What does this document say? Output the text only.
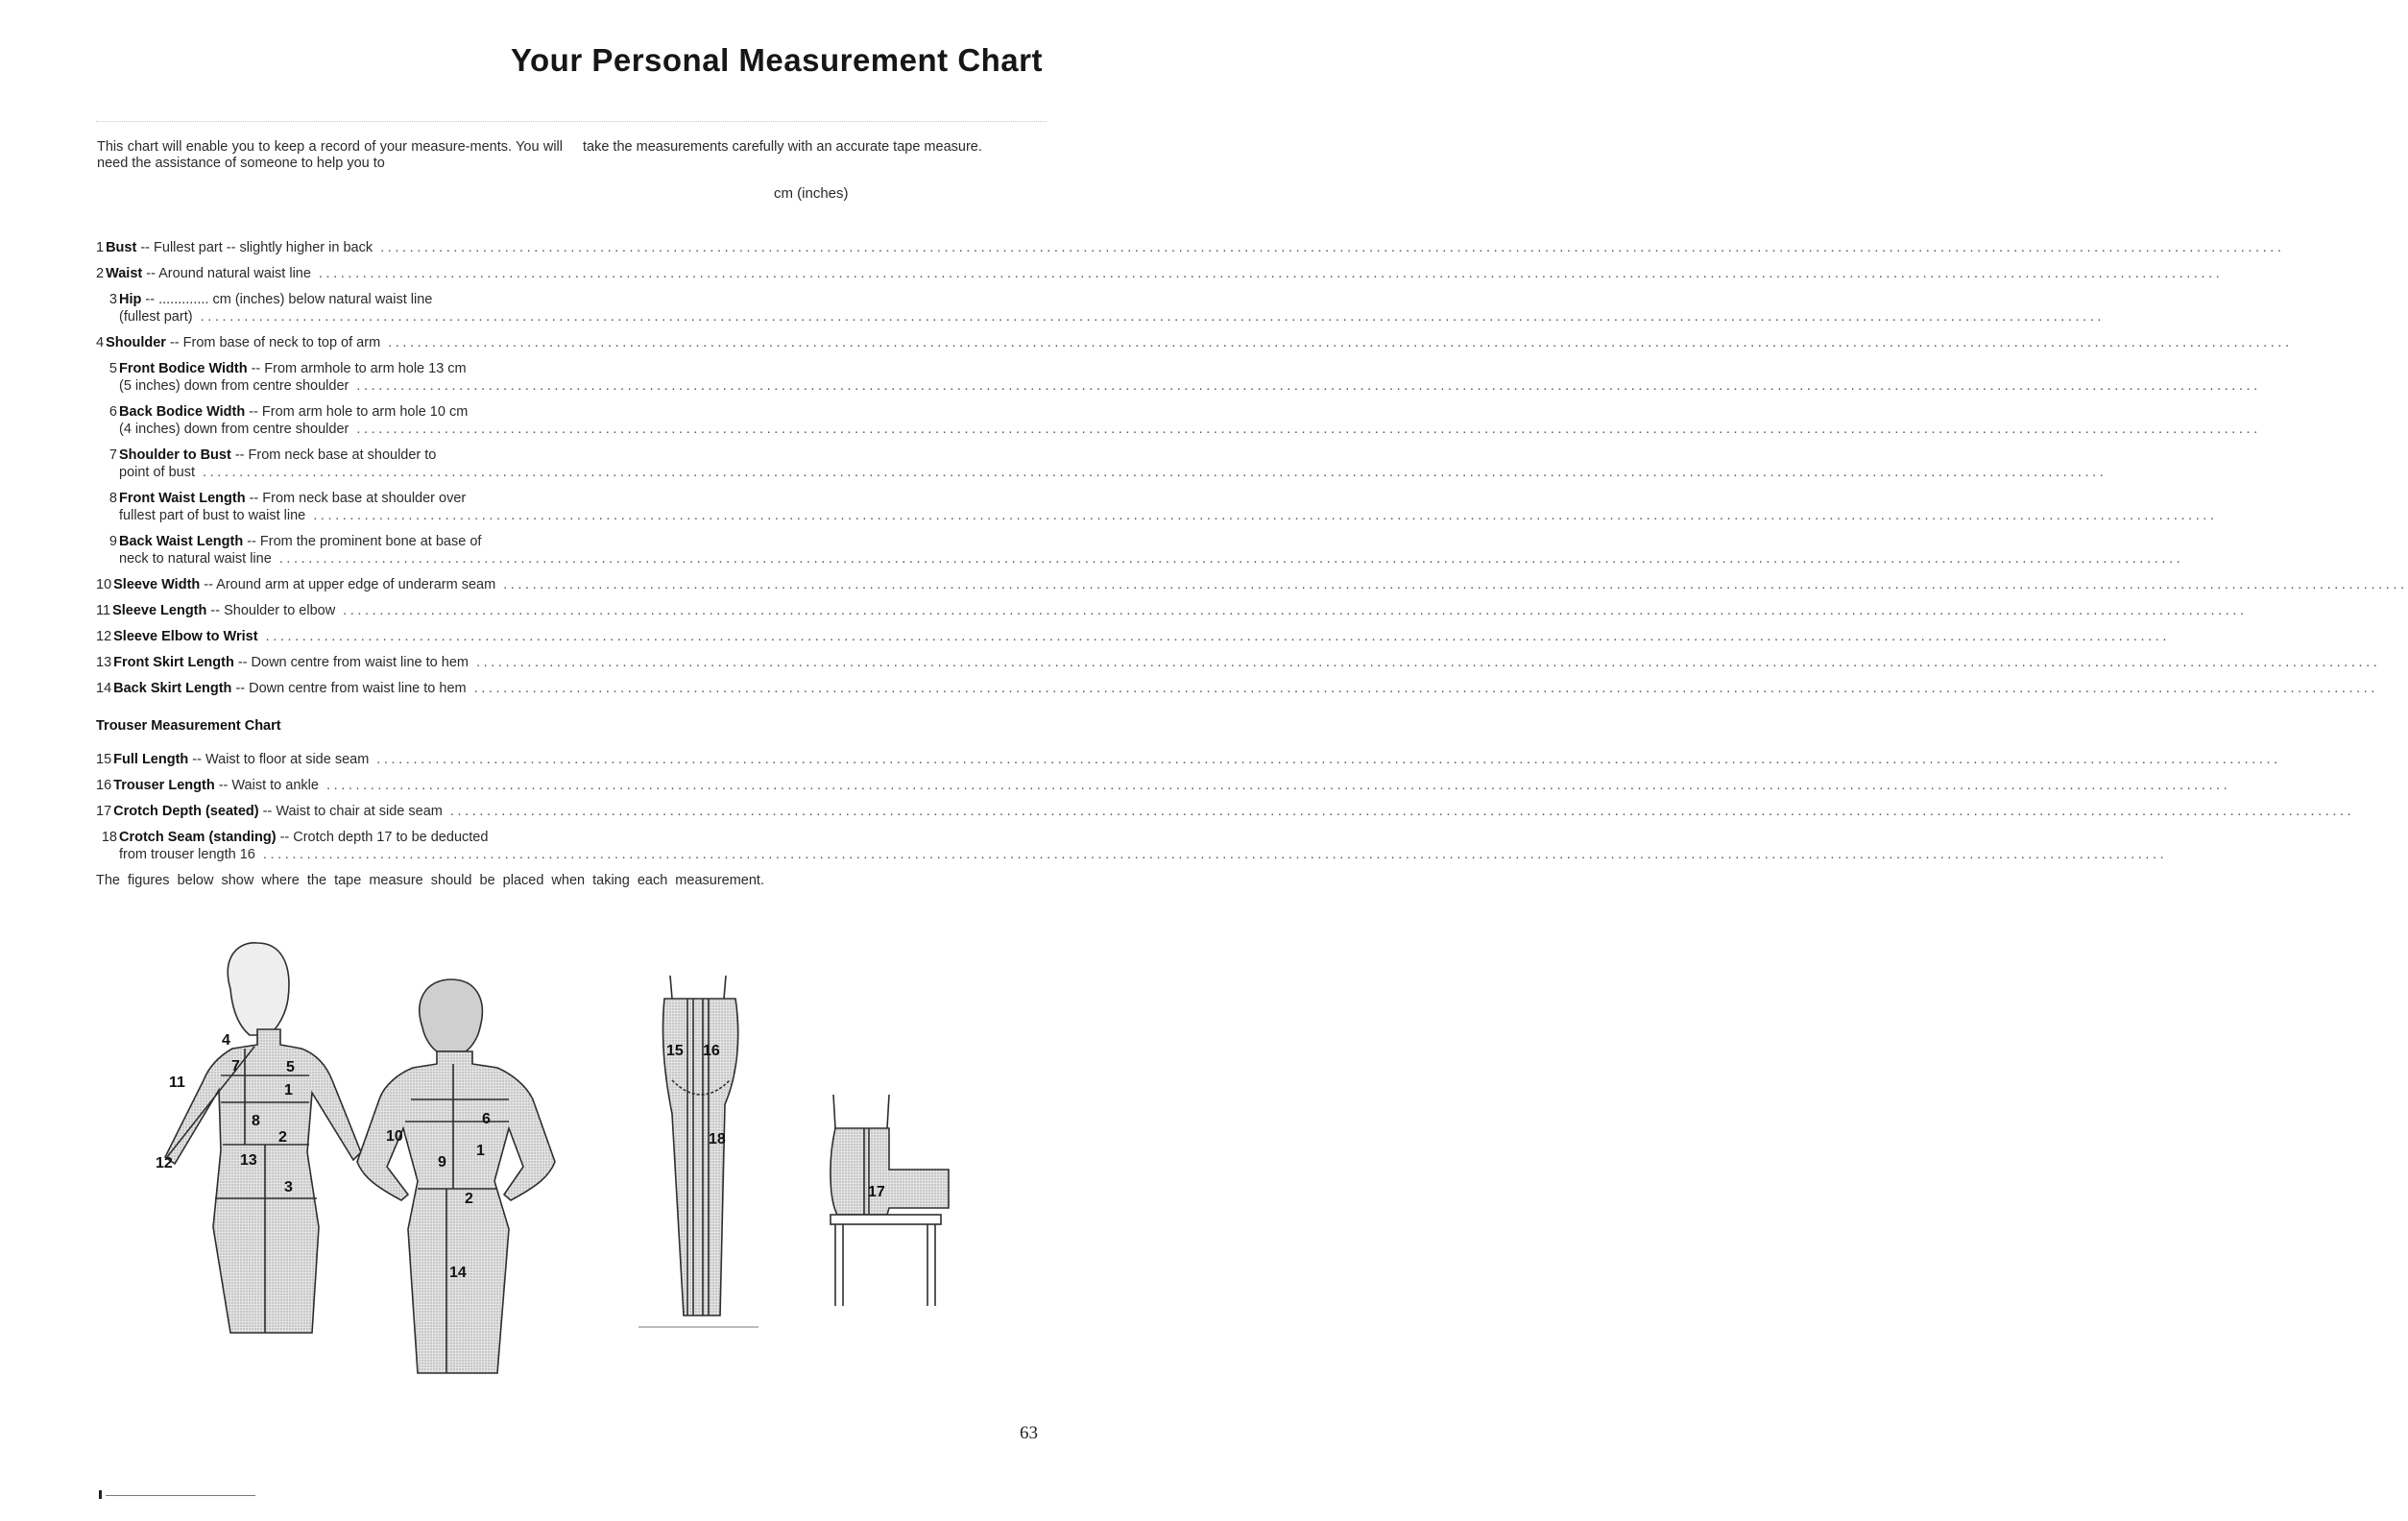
Your Personal Measurement Chart
This chart will enable you to keep a record of your measure-ments. You will need the assistance of someone to help you to
take the measurements carefully with an accurate tape measure.
cm (inches)
1 Bust -- Fullest part -- slightly higher in back ....................................................................................................................................................................................................................................................................
2 Waist -- Around natural waist line ....................................................................................................................................................................................................................................................................
3 Hip -- ............. cm (inches) below natural waist line
(fullest part) ....................................................................................................................................................................................................................................................................
4 Shoulder -- From base of neck to top of arm ....................................................................................................................................................................................................................................................................
5 Front Bodice Width -- From armhole to arm hole 13 cm
(5 inches) down from centre shoulder ....................................................................................................................................................................................................................................................................
6 Back Bodice Width -- From arm hole to arm hole 10 cm
(4 inches) down from centre shoulder ....................................................................................................................................................................................................................................................................
7 Shoulder to Bust -- From neck base at shoulder to
point of bust ....................................................................................................................................................................................................................................................................
8 Front Waist Length -- From neck base at shoulder over
fullest part of bust to waist line ....................................................................................................................................................................................................................................................................
9 Back Waist Length -- From the prominent bone at base of
neck to natural waist line ....................................................................................................................................................................................................................................................................
10 Sleeve Width -- Around arm at upper edge of underarm seam ....................................................................................................................................................................................................................................................................
11 Sleeve Length -- Shoulder to elbow ....................................................................................................................................................................................................................................................................
12 Sleeve Elbow to Wrist ....................................................................................................................................................................................................................................................................
13 Front Skirt Length -- Down centre from waist line to hem ....................................................................................................................................................................................................................................................................
14 Back Skirt Length -- Down centre from waist line to hem ....................................................................................................................................................................................................................................................................
Trouser Measurement Chart
15 Full Length -- Waist to floor at side seam ....................................................................................................................................................................................................................................................................
16 Trouser Length -- Waist to ankle ....................................................................................................................................................................................................................................................................
17 Crotch Depth (seated) -- Waist to chair at side seam ....................................................................................................................................................................................................................................................................
18 Crotch Seam (standing) -- Crotch depth 17 to be deducted
from trouser length 16 ....................................................................................................................................................................................................................................................................
The figures below show where the tape measure should be placed when taking each measurement.
4
7	5
1
11
8
2
12	13
3
6
10
1
9
2
14
15 16
18
17
63
